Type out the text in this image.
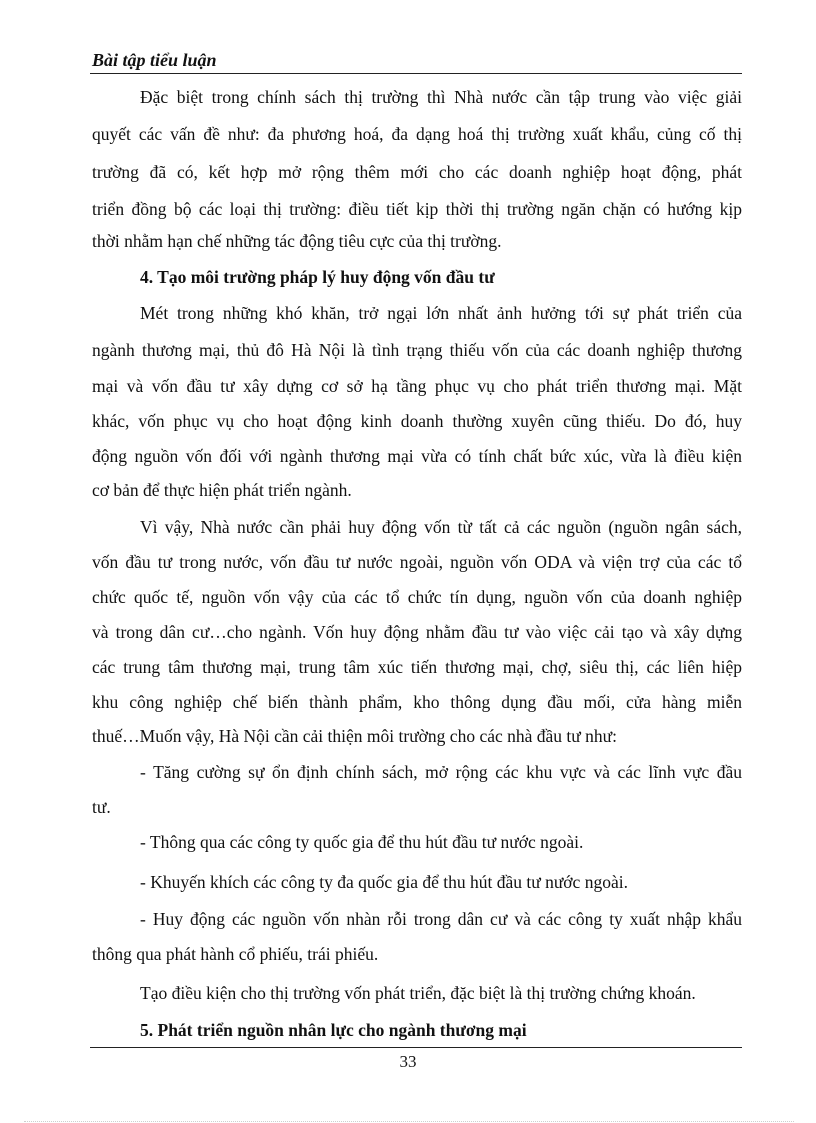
Bài tập tiểu luận
Đặc biệt trong chính sách thị trường thì Nhà nước cần tập trung vào việc giải
quyết các vấn đề như: đa phương hoá, đa dạng hoá thị trường xuất khẩu, củng cố thị
trường đã có, kết hợp mở rộng thêm mới cho các doanh nghiệp hoạt động, phát
triển đồng bộ các loại thị trường: điều tiết kịp thời thị trường ngăn chặn có hướng kịp
thời nhằm hạn chế những tác động tiêu cực của thị trường.
4. Tạo môi trường pháp lý huy động vốn đầu tư
Mét trong những khó khăn, trở ngại lớn nhất ảnh hưởng tới sự phát triển của
ngành thương mại, thủ đô Hà Nội là tình trạng thiếu vốn của các doanh nghiệp thương
mại và vốn đầu tư xây dựng cơ sở hạ tầng phục vụ cho phát triển thương mại. Mặt
khác, vốn phục vụ cho hoạt động kinh doanh thường xuyên cũng thiếu. Do đó, huy
động nguồn vốn đối với ngành thương mại vừa có tính chất bức xúc, vừa là điều kiện
cơ bản để thực hiện phát triển ngành.
Vì vậy, Nhà nước cần phải huy động vốn từ tất cả các nguồn (nguồn ngân sách,
vốn đầu tư trong nước, vốn đầu tư nước ngoài, nguồn vốn ODA và viện trợ của các tổ
chức quốc tế, nguồn vốn vậy của các tổ chức tín dụng, nguồn vốn của doanh nghiệp
và trong dân cư…cho ngành. Vốn huy động nhằm đầu tư vào việc cải tạo và xây dựng
các trung tâm thương mại, trung tâm xúc tiến thương mại, chợ, siêu thị, các liên hiệp
khu công nghiệp chế biến thành phẩm, kho thông dụng đầu mối, cửa hàng miễn
thuế…Muốn vậy, Hà Nội cần cải thiện môi trường cho các nhà đầu tư như:
- Tăng cường sự ổn định chính sách, mở rộng các khu vực và các lĩnh vực đầu
tư.
- Thông qua các công ty quốc gia để thu hút đầu tư nước ngoài.
- Khuyến khích các công ty đa quốc gia để thu hút đầu tư nước ngoài.
- Huy động các nguồn vốn nhàn rỗi trong dân cư và các công ty xuất nhập khẩu
thông qua phát hành cổ phiếu, trái phiếu.
Tạo điều kiện cho thị trường vốn phát triển, đặc biệt là thị trường chứng khoán.
5. Phát triển nguồn nhân lực cho ngành thương mại
33
